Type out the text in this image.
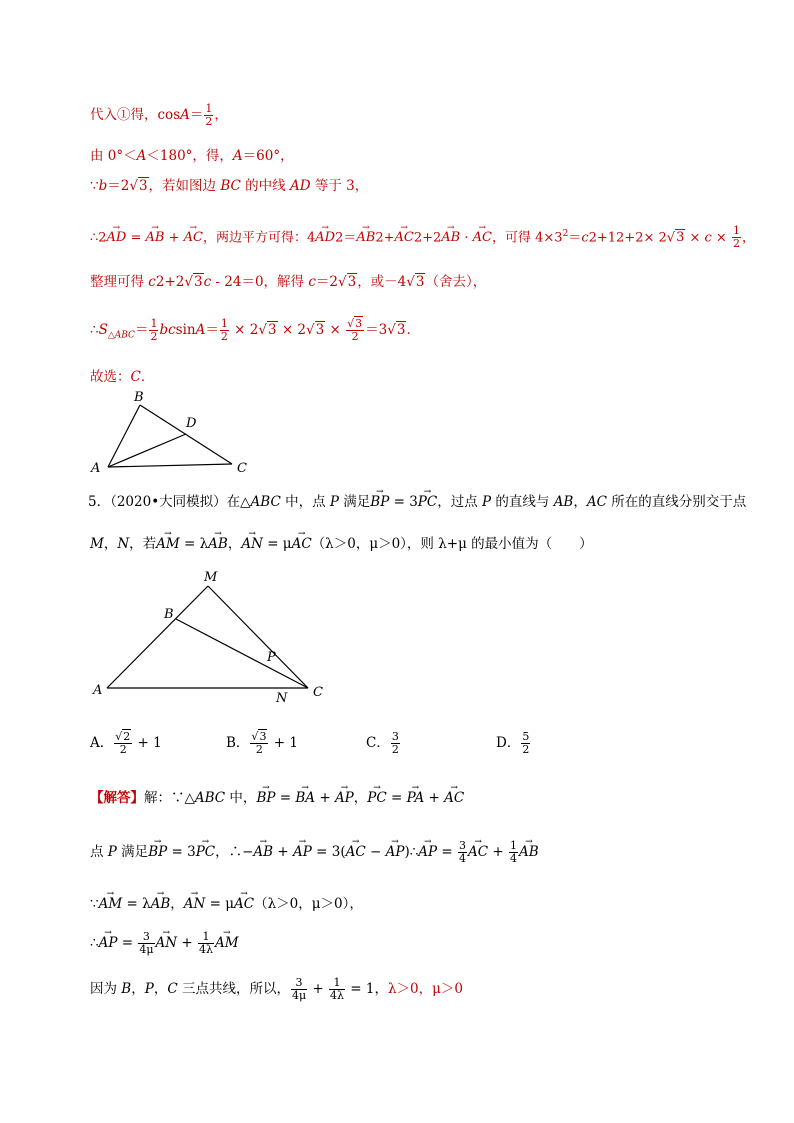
代入①得，$\cos A= \frac{1}{2}$ ，
由 0°＜A＜180°，得，A＝60°，
∵b＝2√3，若如图边 BC 的中线 AD 等于 3，
∴2→ AD = → AB + → AC，两边平方可得：4→ AD2＝→ AB2+→ AC2+2→ AB · → AC，可得 $4\times 3^2=c2+12+2\times 2√3 \times c \times \frac{1}{2}$ ，
整理可得 c2+2√3c - 24＝0，解得 c＝2√3，或－4√3（舍去），
$\therefore S_{\triangle ABC}= \frac{1}{2} bcsinA= \frac{1}{2} \times 2√3 \times 2√3 \times \frac{√3}{2} =3√3$．
故选：C．
B
D
A	C
5．（2020•大同模拟）在△ABC 中，点 P 满足→ BP = 3→ PC，过点 P 的直线与 AB，AC 所在的直线分别交于点
M，N，若→ AM = λ→ AB，→ AN = μ→ AC（λ＞0，μ＞0），则 λ+μ 的最小值为（　　）
M
B
P
A
N C
A． $\frac{√2}{2} + 1$	B． $\frac{√3}{2} + 1$	C． $\frac{3}{2}$	D． $\frac{5}{2}$
【解答】解：∵△ABC 中，→ BP = → BA + → AP，→ PC = → PA + → AC
点 P 满足→ BP = 3→ PC，∴−→ AB + → AP = 3(→ AC − → AP)∴→ AP = $\frac{3}{4}$ → AC + $\frac{1}{4}$ → AB
∵→ AM = λ→ AB，→ AN = μ→ AC（λ＞0，μ＞0），
∴→ AP = $\frac{3}{4\mu}$ → AN + $\frac{1}{4\lambda}$ → AM
因为 B，P，C 三点共线，所以， $\frac{3}{4\mu} + \frac{1}{4\lambda} = 1$，λ＞0，μ＞0
